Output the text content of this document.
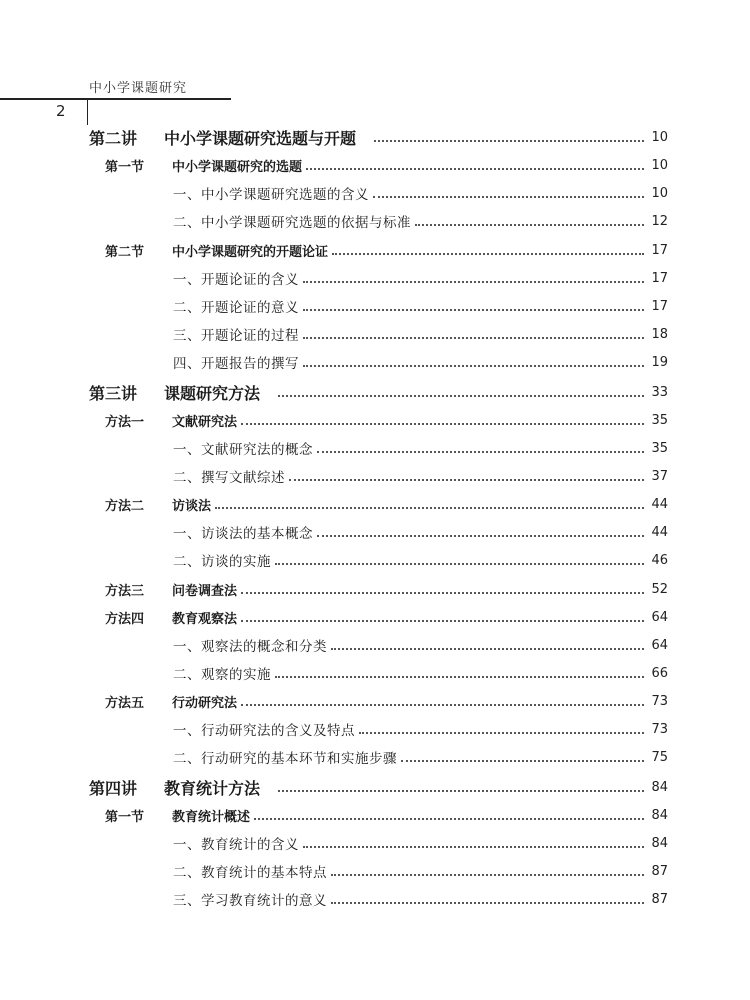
中小学课题研究
2
第二讲 中小学课题研究选题与开题	10
第一节 中小学课题研究的选题	10
一、中小学课题研究选题的含义	10
二、中小学课题研究选题的依据与标准	12
第二节 中小学课题研究的开题论证	17
一、开题论证的含义	17
二、开题论证的意义	17
三、开题论证的过程	18
四、开题报告的撰写	19
第三讲 课题研究方法	33
方法一 文献研究法	35
一、文献研究法的概念	35
二、撰写文献综述	37
方法二 访谈法	44
一、访谈法的基本概念	44
二、访谈的实施	46
方法三 问卷调查法	52
方法四 教育观察法	64
一、观察法的概念和分类	64
二、观察的实施	66
方法五 行动研究法	73
一、行动研究法的含义及特点	73
二、行动研究的基本环节和实施步骤	75
第四讲 教育统计方法	84
第一节 教育统计概述	84
一、教育统计的含义	84
二、教育统计的基本特点	87
三、学习教育统计的意义	87
